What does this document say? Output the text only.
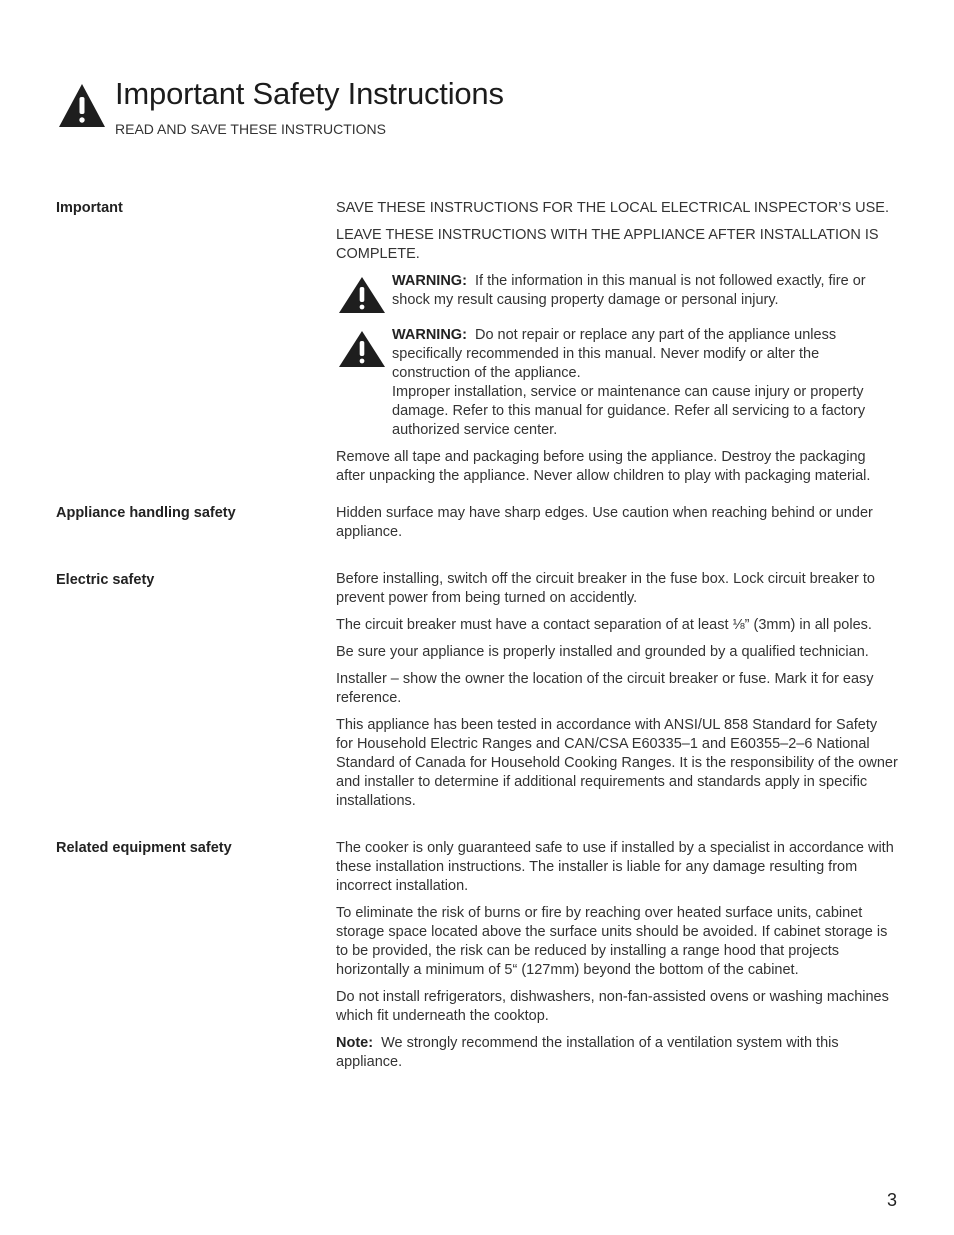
Important Safety Instructions
READ AND SAVE THESE INSTRUCTIONS
Important	SAVE THESE INSTRUCTIONS FOR THE LOCAL ELECTRICAL INSPECTOR’S USE.

LEAVE THESE INSTRUCTIONS WITH THE APPLIANCE AFTER INSTALLATION IS COMPLETE.

WARNING: If the information in this manual is not followed exactly, fire or shock my result causing property damage or personal injury.
WARNING: Do not repair or replace any part of the appliance unless specifically recommended in this manual. Never modify or alter the construction of the appliance.
Improper installation, service or maintenance can cause injury or property damage. Refer to this manual for guidance. Refer all servicing to a factory authorized service center.

Remove all tape and packaging before using the appliance. Destroy the packaging after unpacking the appliance. Never allow children to play with packaging material.

Appliance handling safety	Hidden surface may have sharp edges. Use caution when reaching behind or under appliance.

Electric safety	Before installing, switch off the circuit breaker in the fuse box. Lock circuit breaker to prevent power from being turned on accidently.

The circuit breaker must have a contact separation of at least ⅛” (3mm) in all poles.

Be sure your appliance is properly installed and grounded by a qualified technician.

Installer – show the owner the location of the circuit breaker or fuse. Mark it for easy reference.

This appliance has been tested in accordance with ANSI/UL 858 Standard for Safety for Household Electric Ranges and CAN/CSA E60335–1 and E60355–2–6 National Standard of Canada for Household Cooking Ranges. It is the responsibility of the owner and installer to determine if additional requirements and standards apply in specific installations.

Related equipment safety	The cooker is only guaranteed safe to use if installed by a specialist in accordance with these installation instructions. The installer is liable for any damage resulting from incorrect installation.

To eliminate the risk of burns or fire by reaching over heated surface units, cabinet storage space located above the surface units should be avoided. If cabinet storage is to be provided, the risk can be reduced by installing a range hood that projects horizontally a minimum of 5“ (127mm) beyond the bottom of the cabinet.

Do not install refrigerators, dishwashers, non-fan-assisted ovens or washing machines which fit underneath the cooktop.

Note: We strongly recommend the installation of a ventilation system with this appliance.

3
